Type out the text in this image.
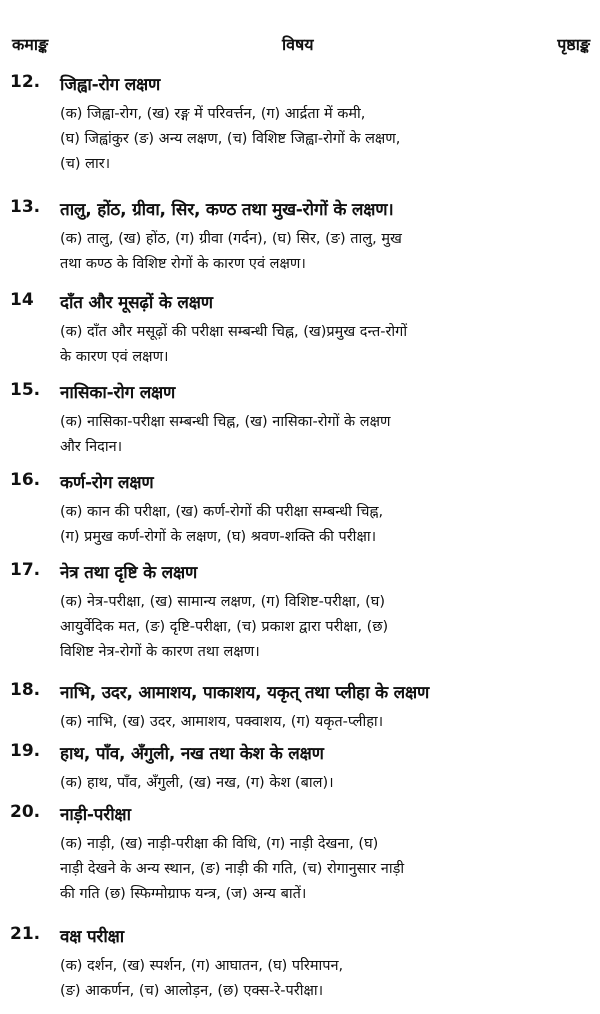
कमाङ्क	विषय	पृष्ठाङ्क
12. जिह्वा-रोग लक्षण
(क) जिह्वा-रोग, (ख) रङ्ग में परिवर्त्तन, (ग) आर्द्रता में कमी,
(घ) जिह्वांकुर (ङ) अन्य लक्षण, (च) विशिष्ट जिह्वा-रोगों के लक्षण,
(च) लार।
13. तालु, होंठ, ग्रीवा, सिर, कण्ठ तथा मुख-रोगों के लक्षण।
(क) तालु, (ख) होंठ, (ग) ग्रीवा (गर्दन), (घ) सिर, (ङ) तालु, मुख
तथा कण्ठ के विशिष्ट रोगों के कारण एवं लक्षण।
14 दाँत और मूसढ़ों के लक्षण
(क) दाँत और मसूढ़ों की परीक्षा सम्बन्धी चिह्न, (ख)प्रमुख दन्त-रोगों
के कारण एवं लक्षण।
15. नासिका-रोग लक्षण
(क) नासिका-परीक्षा सम्बन्धी चिह्न, (ख) नासिका-रोगों के लक्षण
और निदान।
16. कर्ण-रोग लक्षण
(क) कान की परीक्षा, (ख) कर्ण-रोगों की परीक्षा सम्बन्धी चिह्न,
(ग) प्रमुख कर्ण-रोगों के लक्षण, (घ) श्रवण-शक्ति की परीक्षा।
17. नेत्र तथा दृष्टि के लक्षण
(क) नेत्र-परीक्षा, (ख) सामान्य लक्षण, (ग) विशिष्ट-परीक्षा, (घ)
आयुर्वेदिक मत, (ङ) दृष्टि-परीक्षा, (च) प्रकाश द्वारा परीक्षा, (छ)
विशिष्ट नेत्र-रोगों के कारण तथा लक्षण।
18. नाभि, उदर, आमाशय, पाकाशय, यकृत् तथा प्लीहा के लक्षण
(क) नाभि, (ख) उदर, आमाशय, पक्वाशय, (ग) यकृत-प्लीहा।
19. हाथ, पाँव, अँगुली, नख तथा केश के लक्षण
(क) हाथ, पाँव, अँगुली, (ख) नख, (ग) केश (बाल)।
20. नाड़ी-परीक्षा
(क) नाड़ी, (ख) नाड़ी-परीक्षा की विधि, (ग) नाड़ी देखना, (घ)
नाड़ी देखने के अन्य स्थान, (ङ) नाड़ी की गति, (च) रोगानुसार नाड़ी
की गति (छ) स्फिग्मोग्राफ यन्त्र, (ज) अन्य बातें।
21. वक्ष परीक्षा
(क) दर्शन, (ख) स्पर्शन, (ग) आघातन, (घ) परिमापन,
(ङ) आकर्णन, (च) आलोड़न, (छ) एक्स-रे-परीक्षा।
